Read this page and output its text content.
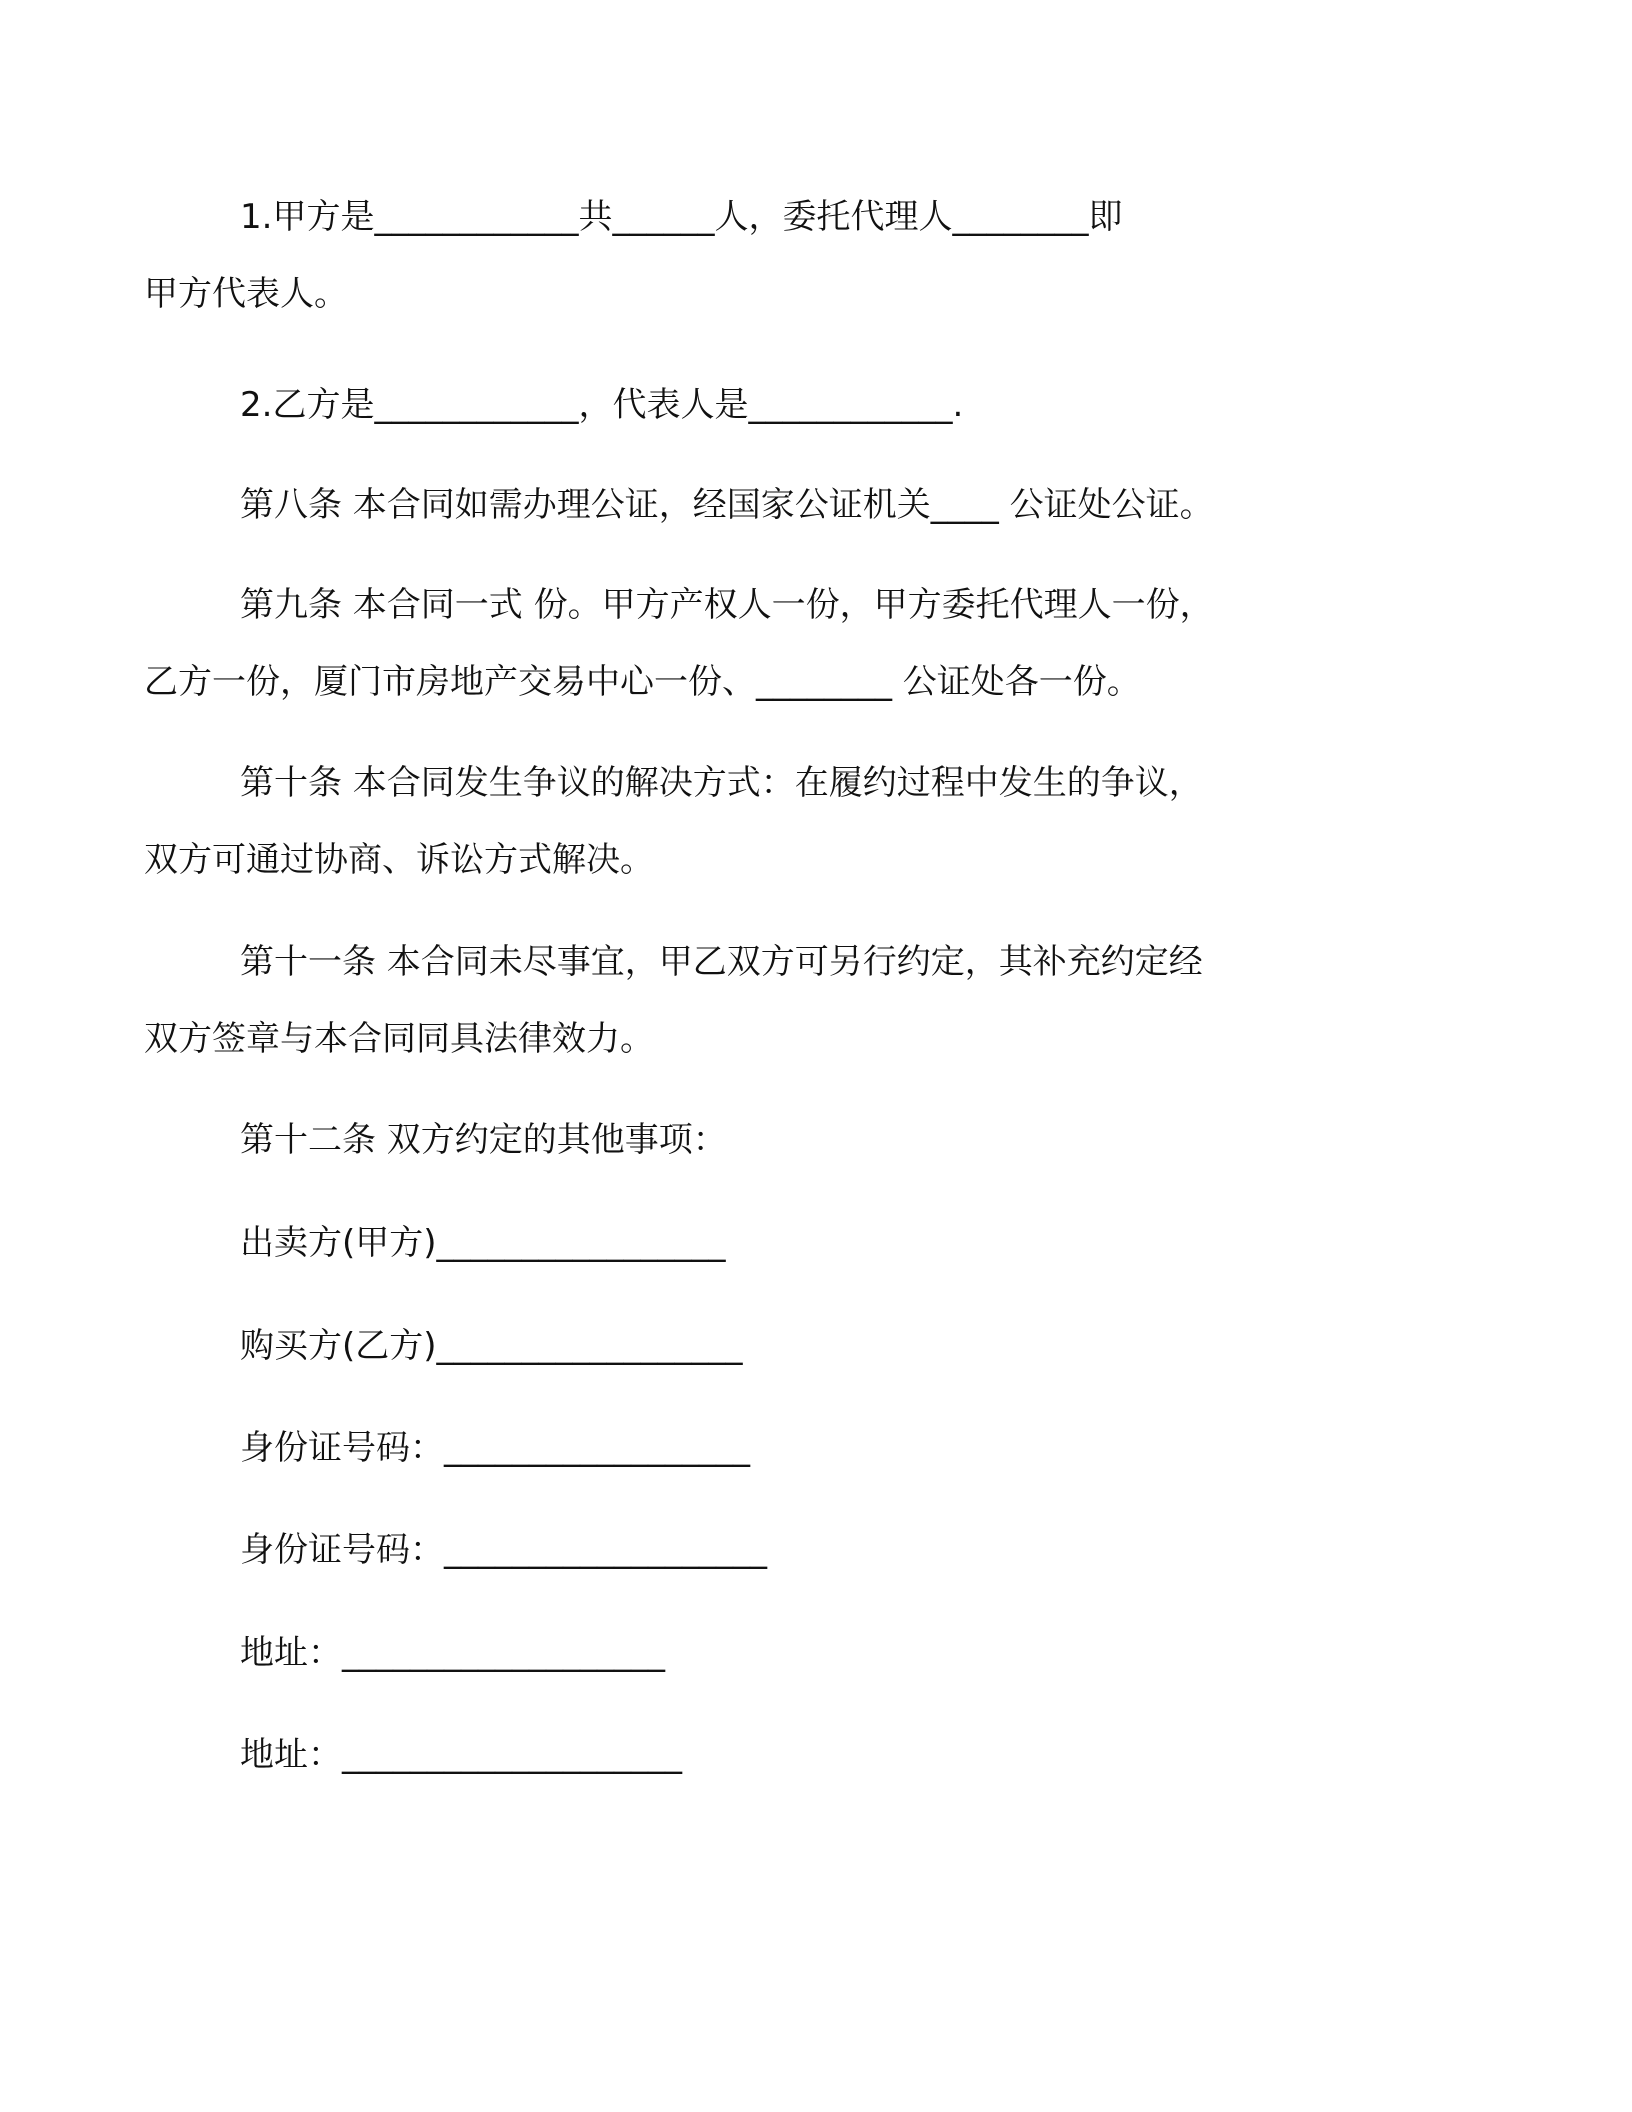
1.甲方是____________共______人，委托代理人________即
甲方代表人。

2.乙方是____________，代表人是____________.

第八条 本合同如需办理公证，经国家公证机关____ 公证处公证。

第九条 本合同一式 份。甲方产权人一份，甲方委托代理人一份，
乙方一份，厦门市房地产交易中心一份、________ 公证处各一份。

第十条 本合同发生争议的解决方式：在履约过程中发生的争议，
双方可通过协商、诉讼方式解决。

第十一条 本合同未尽事宜，甲乙双方可另行约定，其补充约定经
双方签章与本合同同具法律效力。

第十二条 双方约定的其他事项：

出卖方(甲方)_________________

购买方(乙方)__________________

身份证号码：__________________

身份证号码：___________________

地址：___________________

地址：____________________
